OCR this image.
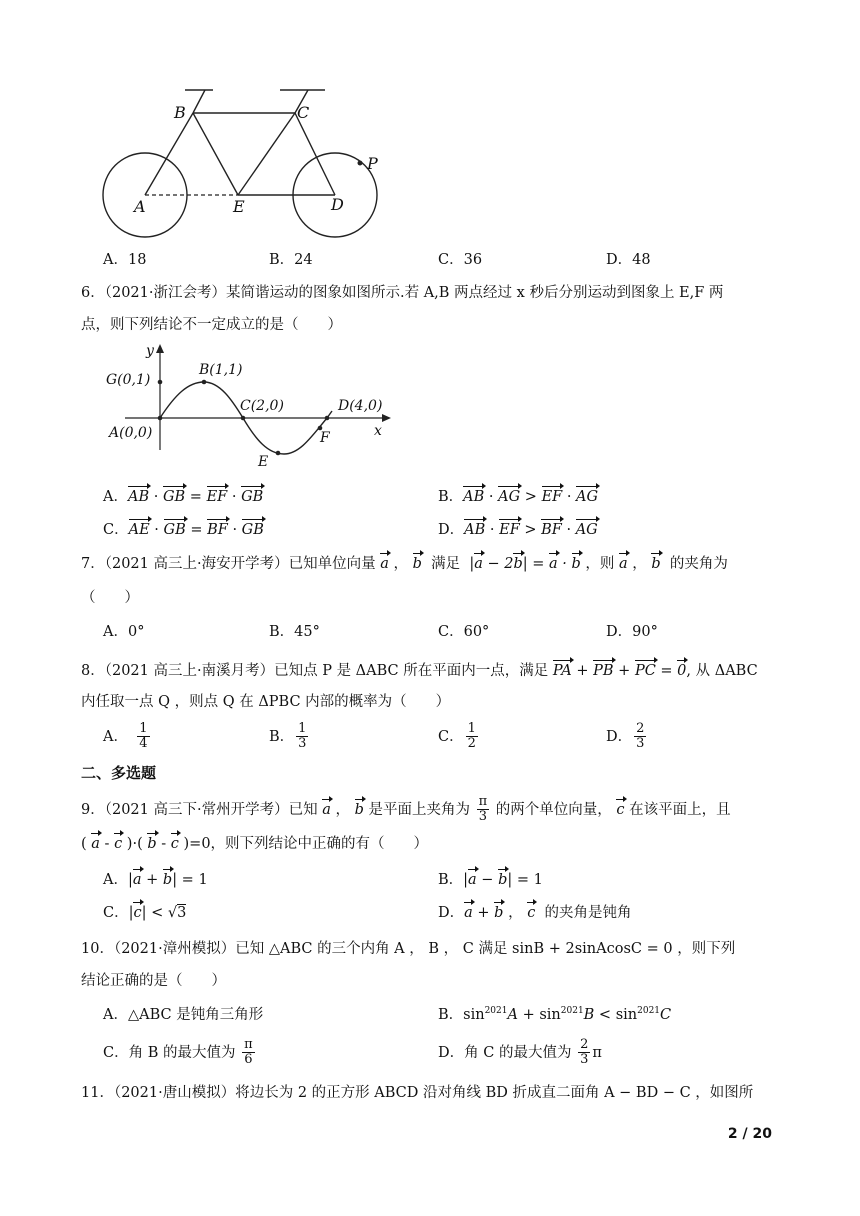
B	C
P
A	E	D
A．18	B．24	C．36	D．48
6．（2021·浙江会考）某简谐运动的图象如图所示.若 A,B 两点经过 x 秒后分别运动到图象上 E,F 两
点，则下列结论不一定成立的是（　　）
y
x
G(0,1)
B(1,1)
C(2,0)	D(4,0)
A(0,0)
E
F
A．AB · GB = EF · GB	B．AB · AG > EF · AG
C．AE · GB = BF · GB	D．AB · EF > BF · AG
7．（2021 高三上·海安开学考）已知单位向量 a ， b 满足 |a − 2b| = a · b ，则 a ， b 的夹角为
（　　）
A．0°	B．45°	C．60°	D．90°
8．（2021 高三上·南溪月考）已知点 P 是 ΔABC 所在平面内一点，满足 PA + PB + PC = 0, 从 ΔABC
内任取一点 Q ，则点 Q 在 ΔPBC 内部的概率为（　　）
A．　 $\frac{1}{4}$	B． $\frac{1}{3}$	C． $\frac{1}{2}$	D． $\frac{2}{3}$
二、多选题
9．（2021 高三下·常州开学考）已知 a ， b 是平面上夹角为 $\frac{\pi}{3}$ 的两个单位向量， c 在该平面上，且
( a - c )·( b - c )=0，则下列结论中正确的有（　　）
A．|a + b| = 1	B．|a − b| = 1
C．|c| < √3	D．a + b ， c 的夹角是钝角
10．（2021·漳州模拟）已知 △ABC 的三个内角 A ， B ， C 满足 sinB + 2sinAcosC = 0 ，则下列
结论正确的是（　　）
A．△ABC 是钝角三角形	B．$\sin^{2021}A + \sin^{2021}B < \sin^{2021}C$
C．角 B 的最大值为 $\frac{\pi}{6}$	D．角 C 的最大值为 $\frac{2}{3}$ π
11．（2021·唐山模拟）将边长为 2 的正方形 ABCD 沿对角线 BD 折成直二面角 A − BD − C ，如图所
2 / 20
